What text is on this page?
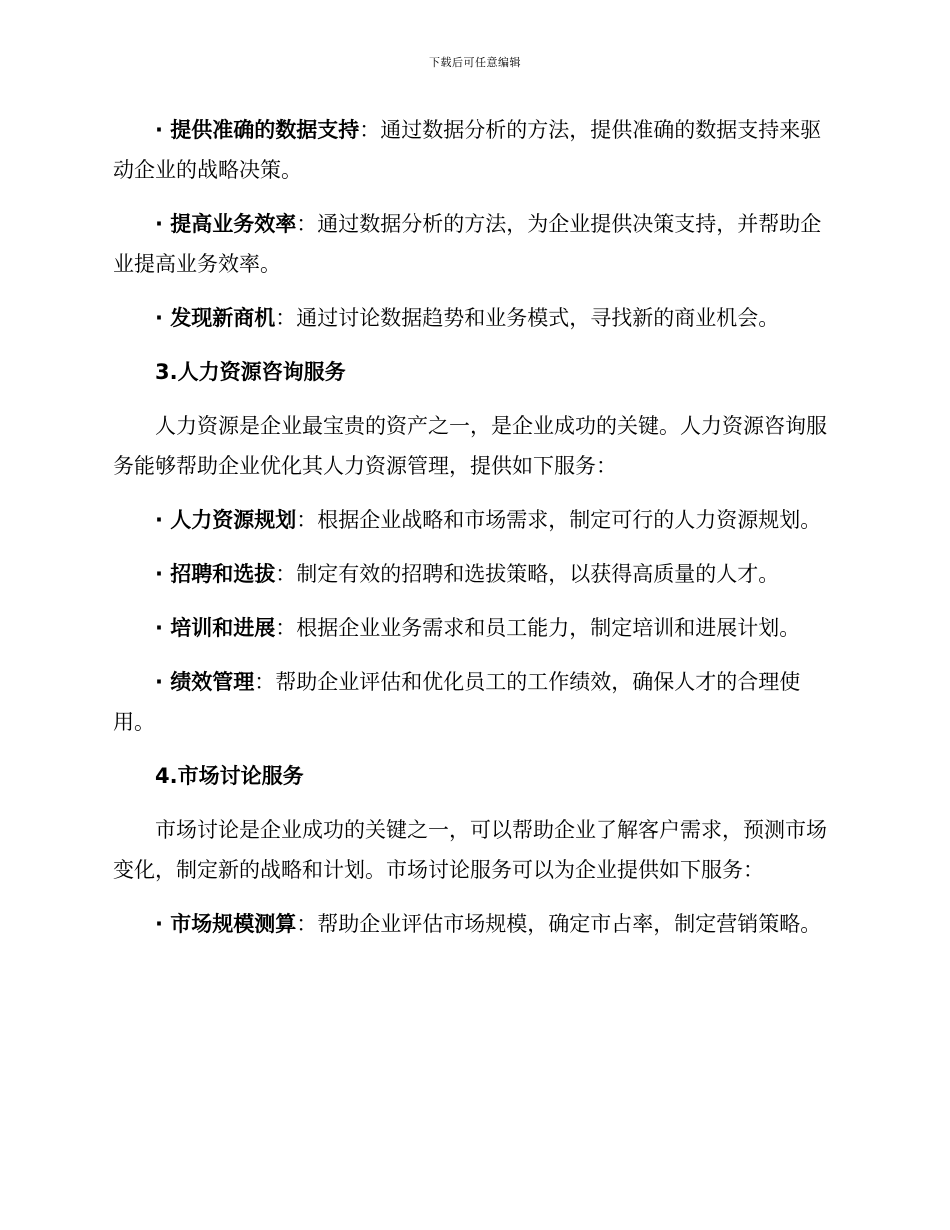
下载后可任意编辑

· 提供准确的数据支持：通过数据分析的方法，提供准确的数据支持来驱动企业的战略决策。

· 提高业务效率：通过数据分析的方法，为企业提供决策支持，并帮助企业提高业务效率。

· 发现新商机：通过讨论数据趋势和业务模式，寻找新的商业机会。

3.人力资源咨询服务

人力资源是企业最宝贵的资产之一，是企业成功的关键。人力资源咨询服务能够帮助企业优化其人力资源管理，提供如下服务：

· 人力资源规划：根据企业战略和市场需求，制定可行的人力资源规划。

· 招聘和选拔：制定有效的招聘和选拔策略，以获得高质量的人才。

· 培训和进展：根据企业业务需求和员工能力，制定培训和进展计划。

· 绩效管理：帮助企业评估和优化员工的工作绩效，确保人才的合理使用。

4.市场讨论服务

市场讨论是企业成功的关键之一，可以帮助企业了解客户需求，预测市场变化，制定新的战略和计划。市场讨论服务可以为企业提供如下服务：

· 市场规模测算：帮助企业评估市场规模，确定市占率，制定营销策略。
